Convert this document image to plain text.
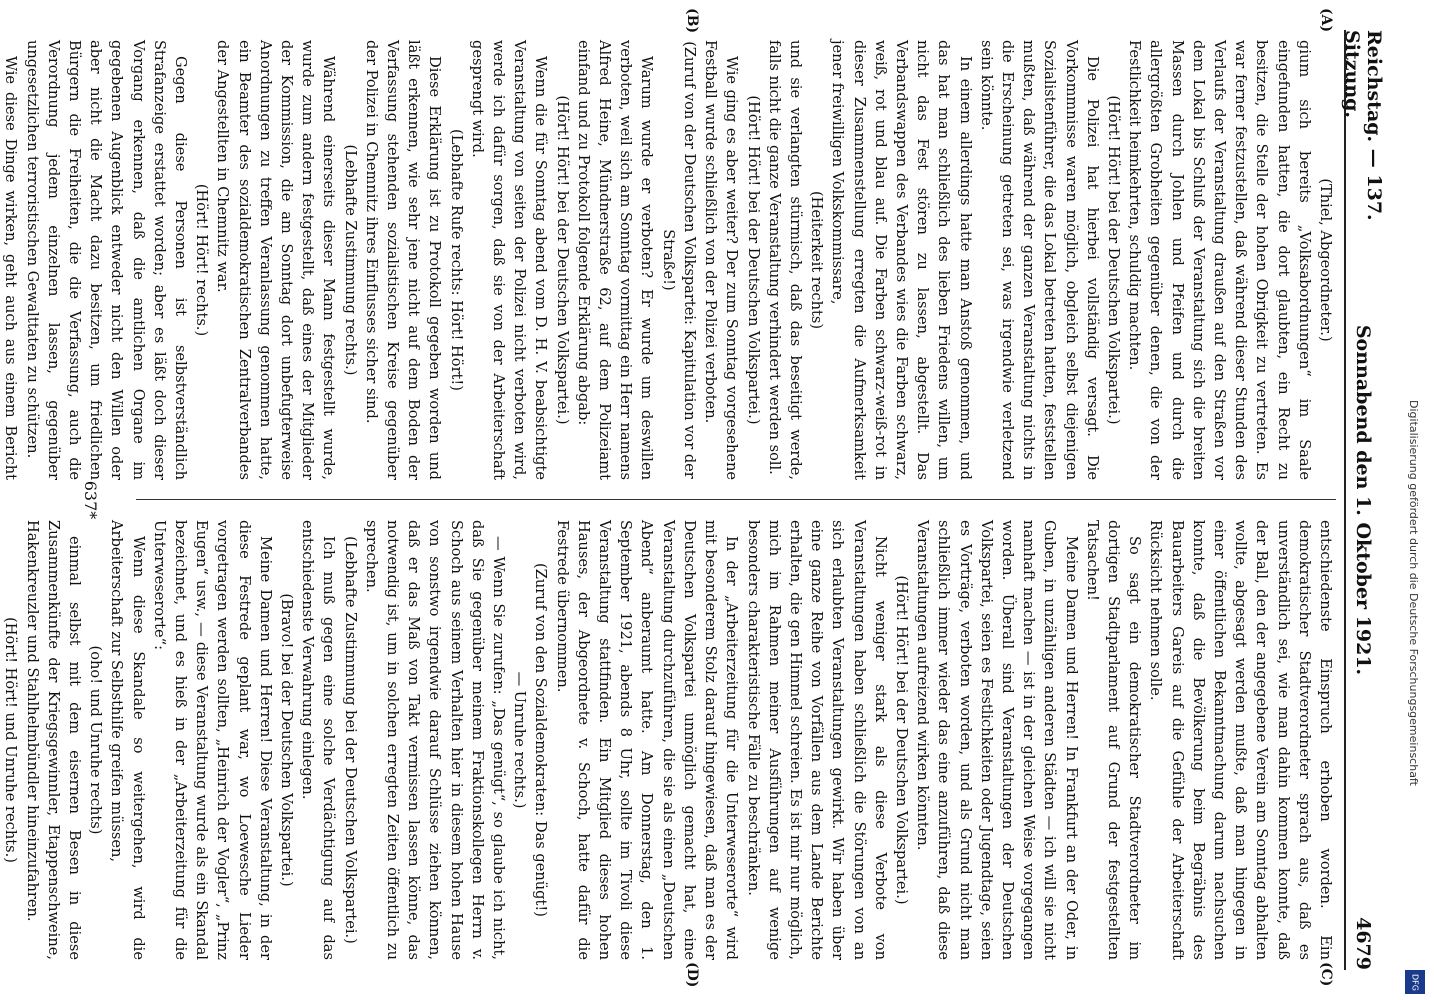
Reichstag. — 137. Sitzung.
Sonnabend den 1. Oktober 1921.
4679
(A)
(B)
(C)
(D)

(Thiel, Abgeordneter.)

gium sich bereits „Volksabordnungen“ im Saale eingefunden hatten, die dort glaubten, ein Recht zu besitzen, die Stelle der hohen Obrigkeit zu vertreten. Es war ferner festzustellen, daß während dieser Stunden des Verlaufs der Veranstaltung draußen auf den Straßen vor dem Lokal bis Schluß der Veranstaltung sich die breiten Massen durch Johlen und Pfeifen und durch die allergrößten Grobheiten gegenüber denen, die von der Festlichkeit heimkehrten, schuldig machten.

(Hört! Hört! bei der Deutschen Volkspartei.)

Die Polizei hat hierbei vollständig versagt. Die Vorkommnisse waren möglich, obgleich selbst diejenigen Sozialistenführer, die das Lokal betreten hatten, feststellen mußten, daß während der ganzen Veranstaltung nichts in die Erscheinung getreten sei, was irgendwie verletzend sein könnte.

In einem allerdings hatte man Anstoß genommen, und das hat man schließlich des lieben Friedens willen, um nicht das Fest stören zu lassen, abgestellt. Das Verbandswappen des Verbandes wies die Farben schwarz, weiß, rot und blau auf. Die Farben schwarz-weiß-rot in dieser Zusammenstellung erregten die Aufmerksamkeit jener freiwilligen Volkskommissare,

(Heiterkeit rechts)

und sie verlangten stürmisch, daß das beseitigt werde, falls nicht die ganze Veranstaltung verhindert werden soll.

(Hört! Hört! bei der Deutschen Volkspartei.)

Wie ging es aber weiter? Der zum Sonntag vorgesehene Festball wurde schließlich von der Polizei verboten.

(Zuruf von der Deutschen Volkspartei: Kapitulation vor der Straße!)

Warum wurde er verboten? Er wurde um deswillen verboten, weil sich am Sonntag vormittag ein Herr namens Alfred Heine, Mündnerstraße 62, auf dem Polizeiamt einfand und zu Protokoll folgende Erklärung abgab:

(Hört! Hört! bei der Deutschen Volkspartei.)

Wenn die für Sonntag abend vom D. H. V. beabsichtigte Veranstaltung von seiten der Polizei nicht verboten wird, werde ich dafür sorgen, daß sie von der Arbeiterschaft gesprengt wird.

(Lebhafte Rufe rechts: Hört! Hört!)

Diese Erklärung ist zu Protokoll gegeben worden und läßt erkennen, wie sehr jene nicht auf dem Boden der Verfassung stehenden sozialistischen Kreise gegenüber der Polizei in Chemnitz ihres Einflusses sicher sind.

(Lebhafte Zustimmung rechts.)

Während einerseits dieser Mann festgestellt wurde, wurde zum andern festgestellt, daß eines der Mitglieder der Kommission, die am Sonntag dort unbefugterweise Anordnungen zu treffen Veranlassung genommen hatte, ein Beamter des sozialdemokratischen Zentralverbandes der Angestellten in Chemnitz war.

(Hört! Hört! rechts.)

Gegen diese Personen ist selbstverständlich Strafanzeige erstattet worden; aber es läßt doch dieser Vorgang erkennen, daß die amtlichen Organe im gegebenen Augenblick entweder nicht den Willen oder aber nicht die Macht dazu besitzen, um friedlichen Bürgern die Freiheiten, die die Verfassung, auch die Verordnung jedem einzelnen lassen, gegenüber ungesetzlichen terroristischen Gewalttaten zu schützen.

Wie diese Dinge wirken, geht auch aus einem Bericht

entschiedenste Einspruch erhoben worden. Ein demokratischer Stadtverordneter sprach aus, daß es unverständlich sei, wie man dahin kommen konnte, daß der Ball, den der angegebene Verein am Sonntag abhalten wollte, abgesagt werden mußte, daß man hingegen in einer öffentlichen Bekanntmachung darum nachsuchen konnte, daß die Bevölkerung beim Begräbnis des Bauarbeiters Gareis auf die Gefühle der Arbeiterschaft Rücksicht nehmen solle.

So sagt ein demokratischer Stadtverordneter im dortigen Stadtparlament auf Grund der festgestellten Tatsachen!

Meine Damen und Herren! In Frankfurt an der Oder, in Guben, in unzähligen anderen Städten — ich will sie nicht namhaft machen — ist in der gleichen Weise vorgegangen worden. Überall sind Veranstaltungen der Deutschen Volkspartei, seien es Festlichkeiten oder Jugendtage, seien es Vorträge, verboten worden, und als Grund nicht man schließlich immer wieder das eine anzuführen, daß diese Veranstaltungen aufreizend wirken könnten.

(Hört! Hört! bei der Deutschen Volkspartei.)

Nicht weniger stark als diese Verbote von Veranstaltungen haben schließlich die Störungen von an sich erlaubten Veranstaltungen gewirkt. Wir haben über eine ganze Reihe von Vorfällen aus dem Lande Berichte erhalten, die gen Himmel schreien. Es ist mir nur möglich, mich im Rahmen meiner Ausführungen auf wenige besonders charakteristische Fälle zu beschränken.

In der „Arbeiterzeitung für die Unterweserorte“ wird mit besonderem Stolz darauf hingewiesen, daß man es der Deutschen Volkspartei unmöglich gemacht hat, eine Veranstaltung durchzuführen, die sie als einen „Deutschen Abend“ anberaumt hatte. Am Donnerstag, den 1. September 1921, abends 8 Uhr, sollte im Tivoli diese Veranstaltung stattfinden. Ein Mitglied dieses hohen Hauses, der Abgeordnete v. Schoch, hatte dafür die Festrede übernommen.

(Zuruf von den Sozialdemokraten: Das genügt!)

— Unruhe rechts.)

— Wenn Sie zurufen: „Das genügt“, so glaube ich nicht, daß Sie gegenüber meinem Fraktionskollegen Herrn v. Schoch aus seinem Verhalten hier in diesem hohen Hause von sonstwo irgendwie darauf Schlüsse ziehen können, daß er das Maß von Takt vermissen lassen könne, das notwendig ist, um in solchen erregten Zeiten öffentlich zu sprechen.

(Lebhafte Zustimmung bei der Deutschen Volkspartei.)

Ich muß gegen eine solche Verdächtigung auf das entschiedenste Verwahrung einlegen.

(Bravo! bei der Deutschen Volkspartei.)

Meine Damen und Herren! Diese Veranstaltung, in der diese Festrede geplant war, wo Loewesche Lieder vorgetragen werden sollten, „Heinrich der Vogler“, „Prinz Eugen“ usw., — diese Veranstaltung wurde als ein Skandal bezeichnet, und es hieß in der „Arbeiterzeitung für die Unterweserorte“:

Wenn diese Skandale so weitergehen, wird die Arbeiterschaft zur Selbsthilfe greifen müssen,

(oho! und Unruhe rechts)

einmal selbst mit dem eisernen Besen in diese Zusammenkünfte der Kriegsgewinnler, Etappenschweine, Hakenkreuzler und Stahlhelmbündler hineinzufahren.

(Hört! Hört! und Unruhe rechts.)

637*	Digitalisierung gefördert durch die Deutsche Forschungsgemeinschaft
DFG
